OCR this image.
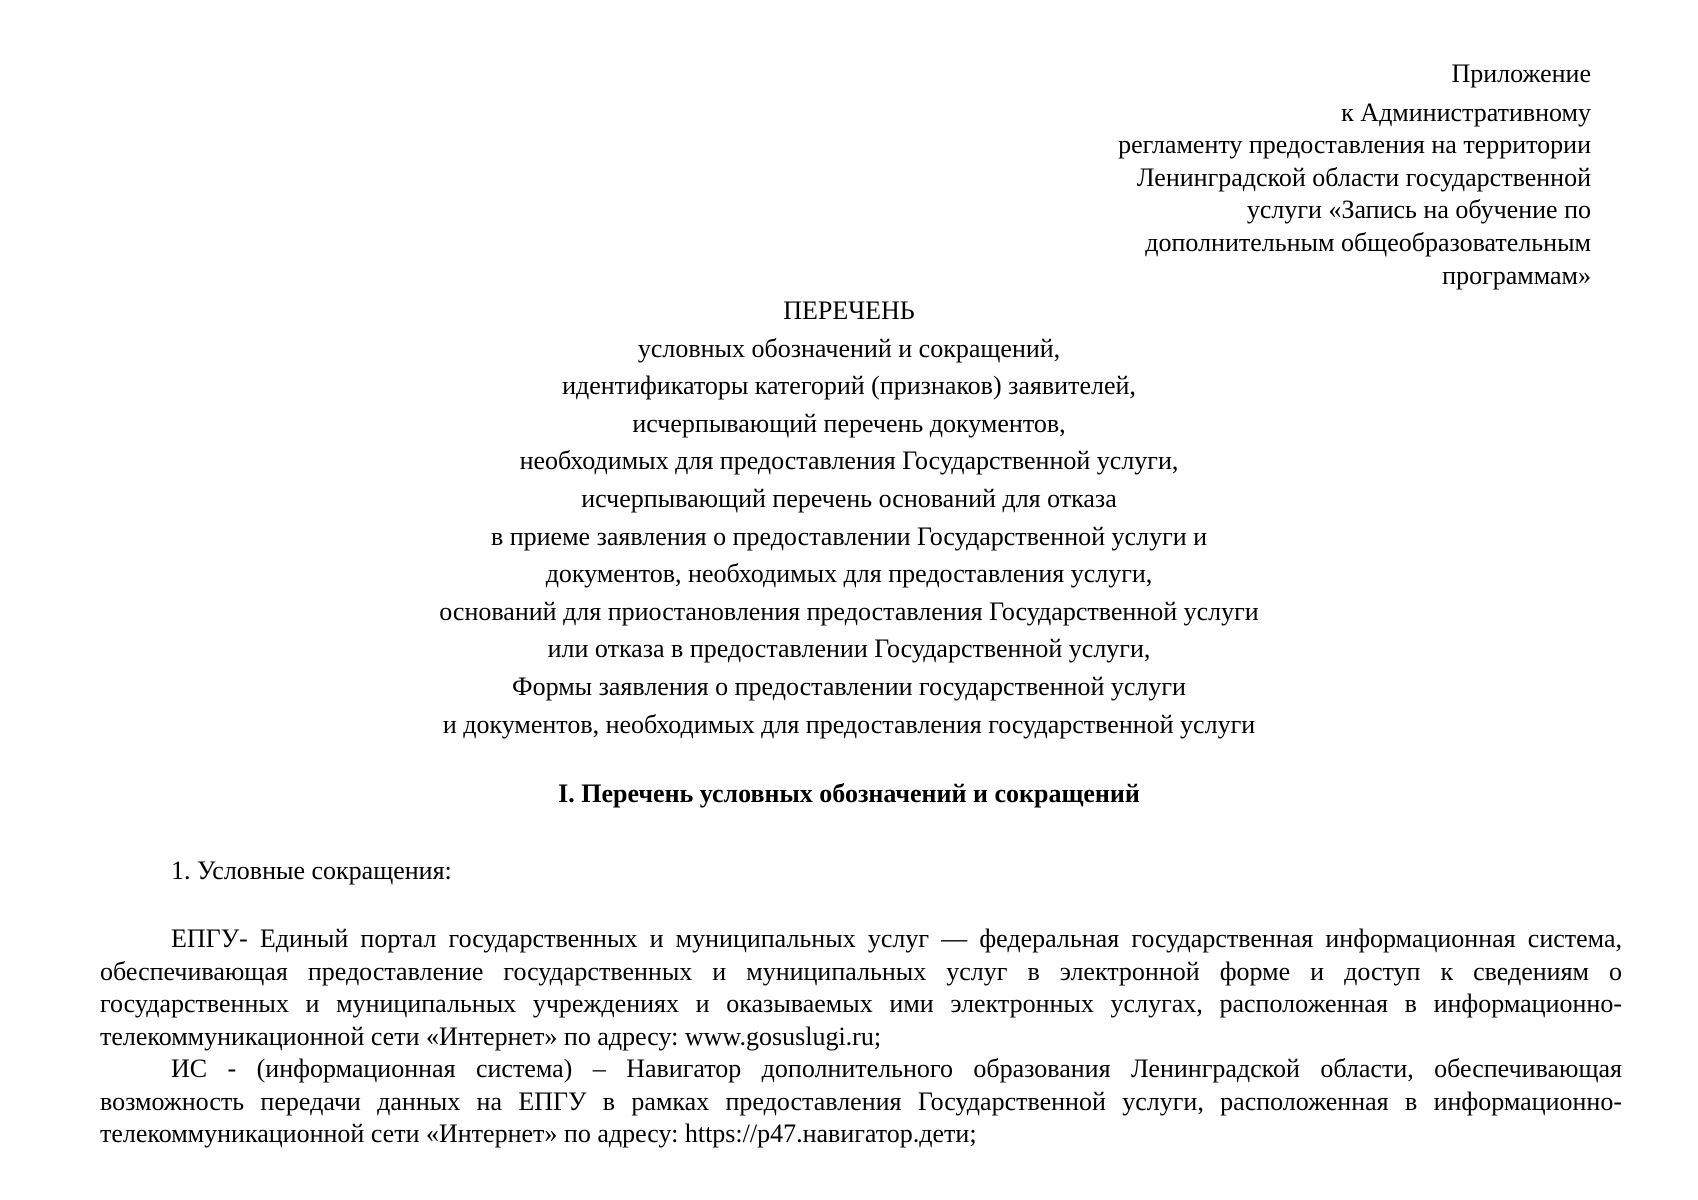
Приложение
к Административному
регламенту предоставления на территории
Ленинградской области государственной
услуги «Запись на обучение по
дополнительным общеобразовательным
программам»
ПЕРЕЧЕНЬ
условных обозначений и сокращений,
идентификаторы категорий (признаков) заявителей,
исчерпывающий перечень документов,
необходимых для предоставления Государственной услуги,
исчерпывающий перечень оснований для отказа
в приеме заявления о предоставлении Государственной услуги и
документов, необходимых для предоставления услуги,
оснований для приостановления предоставления Государственной услуги
или отказа в предоставлении Государственной услуги,
Формы заявления о предоставлении государственной услуги
и документов, необходимых для предоставления государственной услуги
I. Перечень условных обозначений и сокращений
1. Условные сокращения:

ЕПГУ- Единый портал государственных и муниципальных услуг — федеральная государственная информационная система, обеспечивающая предоставление государственных и муниципальных услуг в электронной форме и доступ к сведениям о государственных и муниципальных учреждениях и оказываемых ими электронных услугах, расположенная в информационно-телекоммуникационной сети «Интернет» по адресу: www.gosuslugi.ru;

ИС - (информационная система) – Навигатор дополнительного образования Ленинградской области, обеспечивающая возможность передачи данных на ЕПГУ в рамках предоставления Государственной услуги, расположенная в информационно-телекоммуникационной сети «Интернет» по адресу: https://р47.навигатор.дети;
